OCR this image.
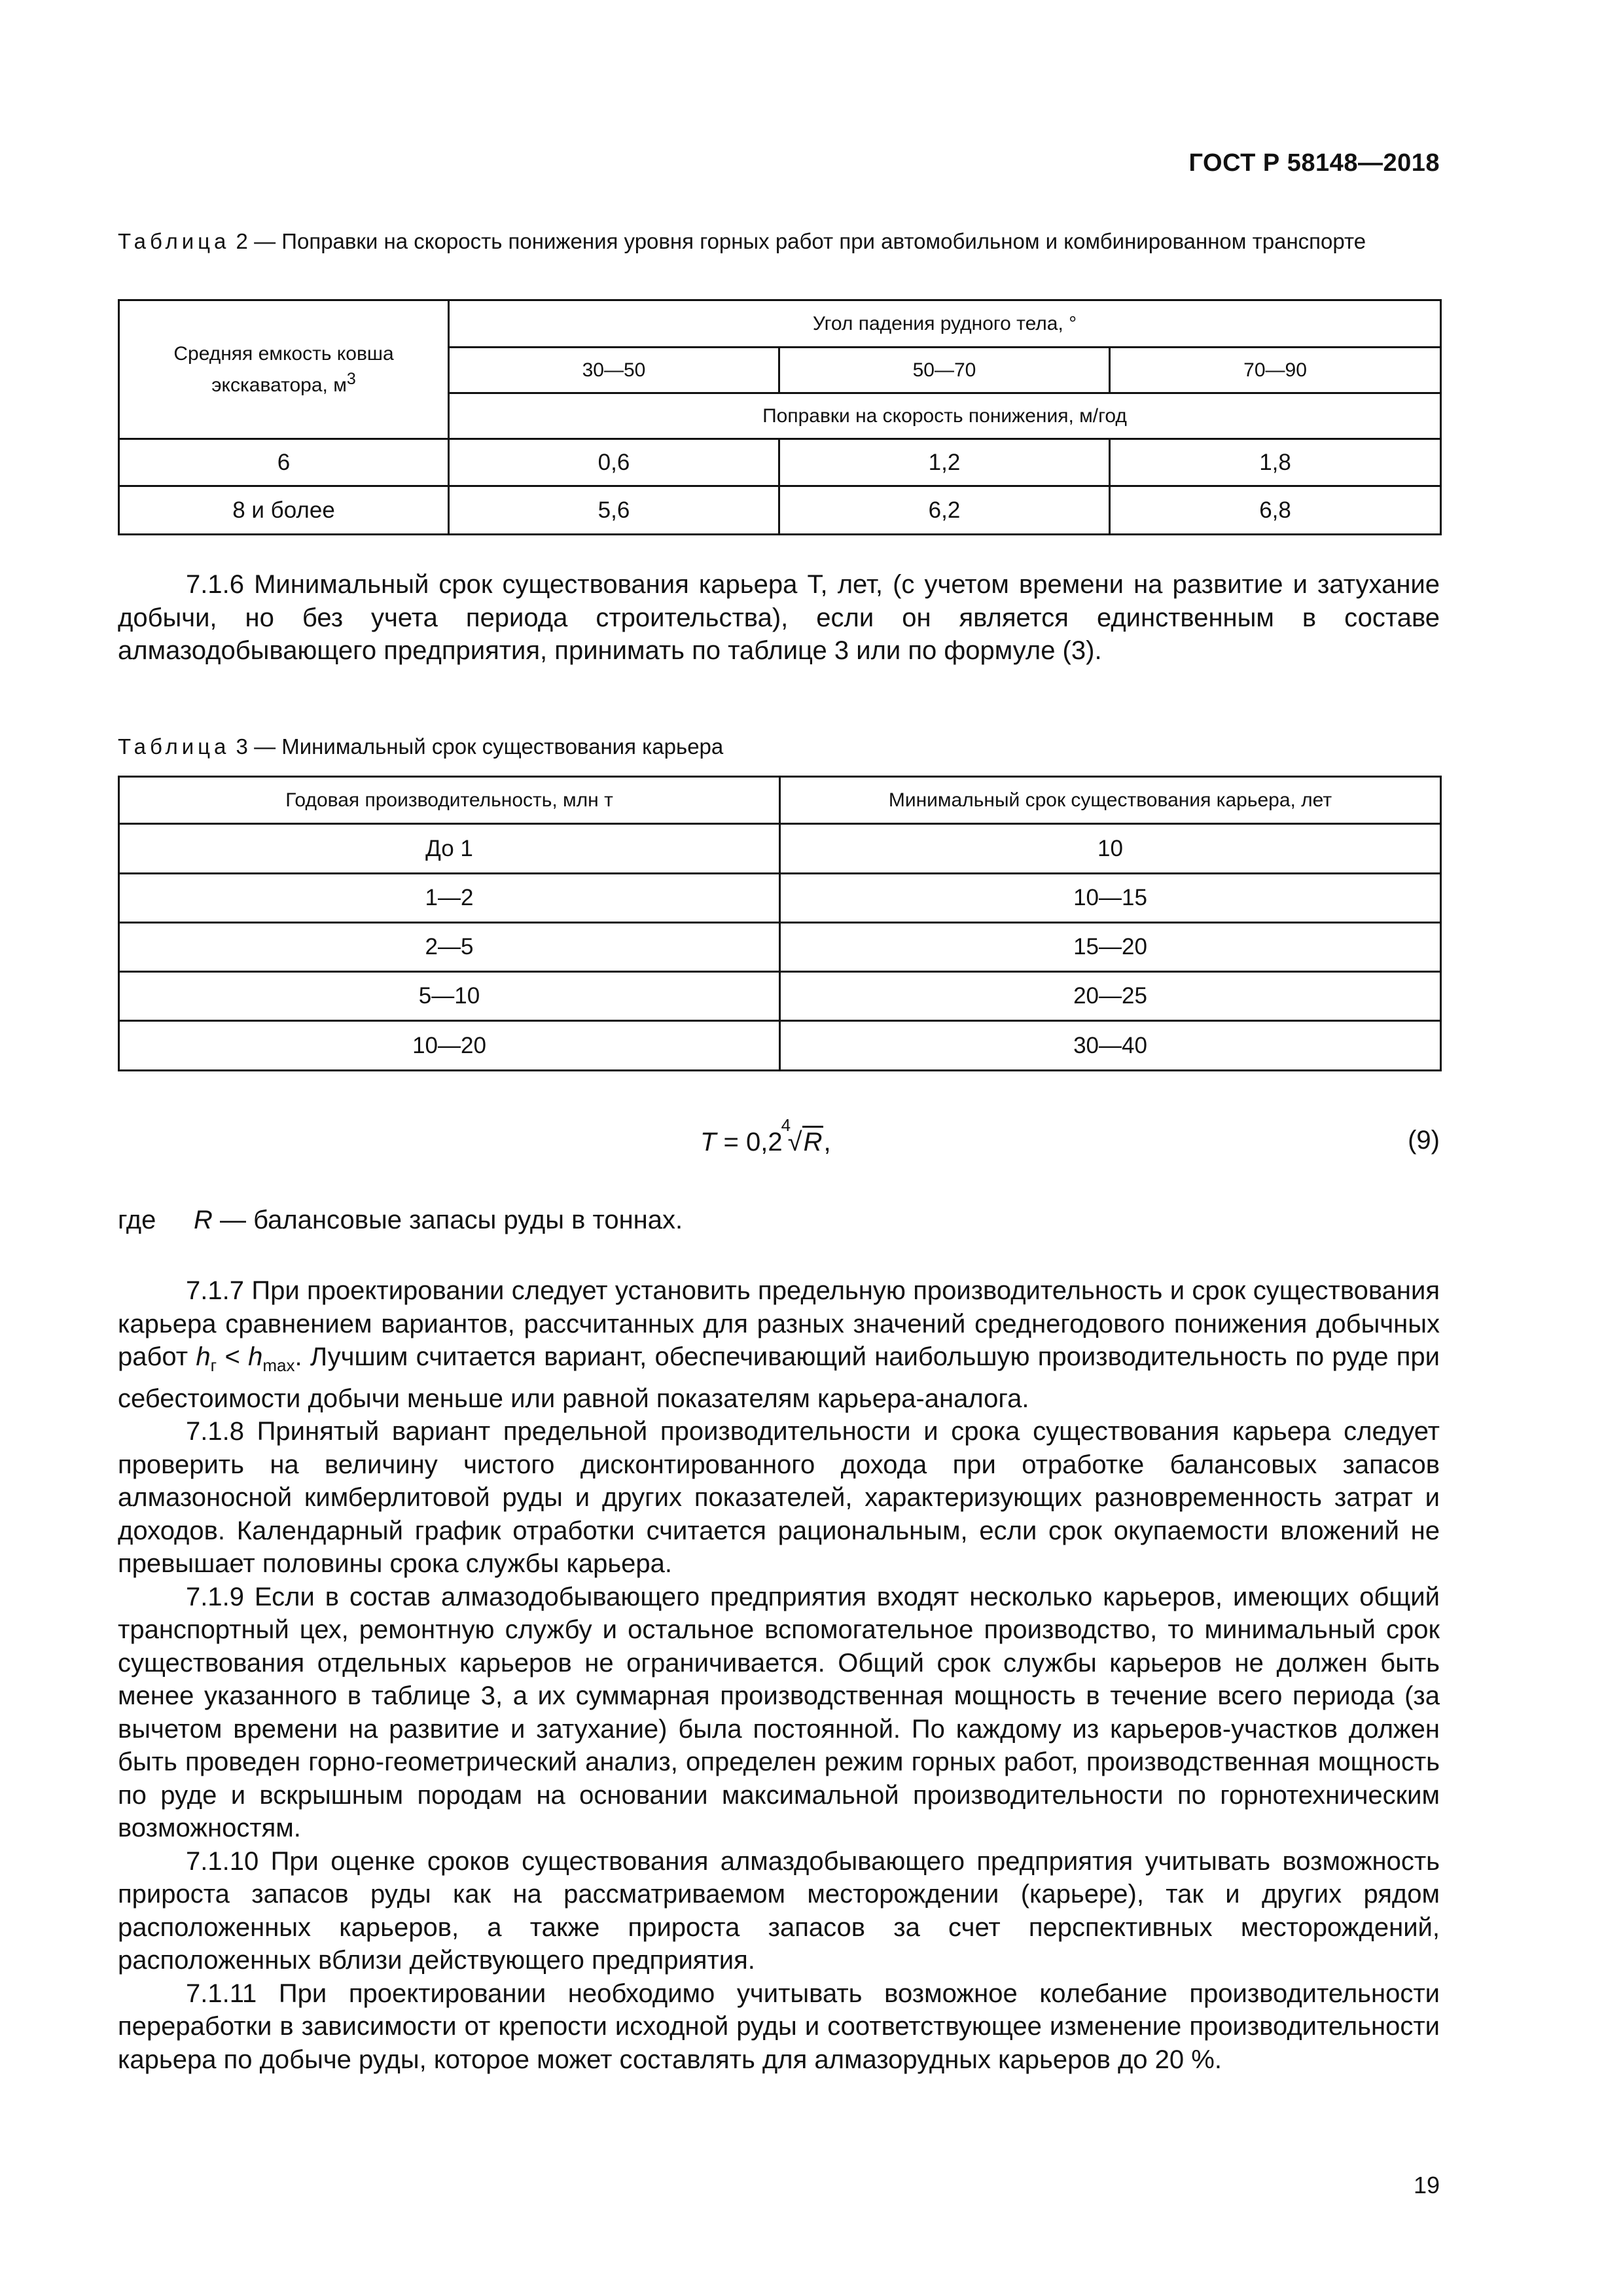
ГОСТ Р 58148—2018
Таблица 2 — Поправки на скорость понижения уровня горных работ при автомобильном и комбинированном транспорте
Средняя емкость ковша экскаватора, $м^3$	Угол падения рудного тела, °		
	30—50	50—70	70—90
	Поправки на скорость понижения, м/год		
6	0,6	1,2	1,8
8 и более	5,6	6,2	6,8

7.1.6 Минимальный срок существования карьера T, лет, (с учетом времени на развитие и затухание добычи, но без учета периода строительства), если он является единственным в составе алмазодобывающего предприятия, принимать по таблице 3 или по формуле (3).

Таблица 3 — Минимальный срок существования карьера
Годовая производительность, млн т	Минимальный срок существования карьера, лет
До 1	10
1—2	10—15
2—5	15—20
5—10	20—25
10—20	30—40
T = 0,2
4
√R,	(9)
где R — балансовые запасы руды в тоннах.

7.1.7 При проектировании следует установить предельную производительность и срок существования карьера сравнением вариантов, рассчитанных для разных значений среднегодового понижения добычных работ $h_г < h_{max}$. Лучшим считается вариант, обеспечивающий наибольшую производительность по руде при себестоимости добычи меньше или равной показателям карьера-аналога.

7.1.8 Принятый вариант предельной производительности и срока существования карьера следует проверить на величину чистого дисконтированного дохода при отработке балансовых запасов алмазоносной кимберлитовой руды и других показателей, характеризующих разновременность затрат и доходов. Календарный график отработки считается рациональным, если срок окупаемости вложений не превышает половины срока службы карьера.

7.1.9 Если в состав алмазодобывающего предприятия входят несколько карьеров, имеющих общий транспортный цех, ремонтную службу и остальное вспомогательное производство, то минимальный срок существования отдельных карьеров не ограничивается. Общий срок службы карьеров не должен быть менее указанного в таблице 3, а их суммарная производственная мощность в течение всего периода (за вычетом времени на развитие и затухание) была постоянной. По каждому из карьеров-участков должен быть проведен горно-геометрический анализ, определен режим горных работ, производственная мощность по руде и вскрышным породам на основании максимальной производительности по горнотехническим возможностям.

7.1.10 При оценке сроков существования алмаздобывающего предприятия учитывать возможность прироста запасов руды как на рассматриваемом месторождении (карьере), так и других рядом расположенных карьеров, а также прироста запасов за счет перспективных месторождений, расположенных вблизи действующего предприятия.

7.1.11 При проектировании необходимо учитывать возможное колебание производительности переработки в зависимости от крепости исходной руды и соответствующее изменение производительности карьера по добыче руды, которое может составлять для алмазорудных карьеров до 20 %.

19
